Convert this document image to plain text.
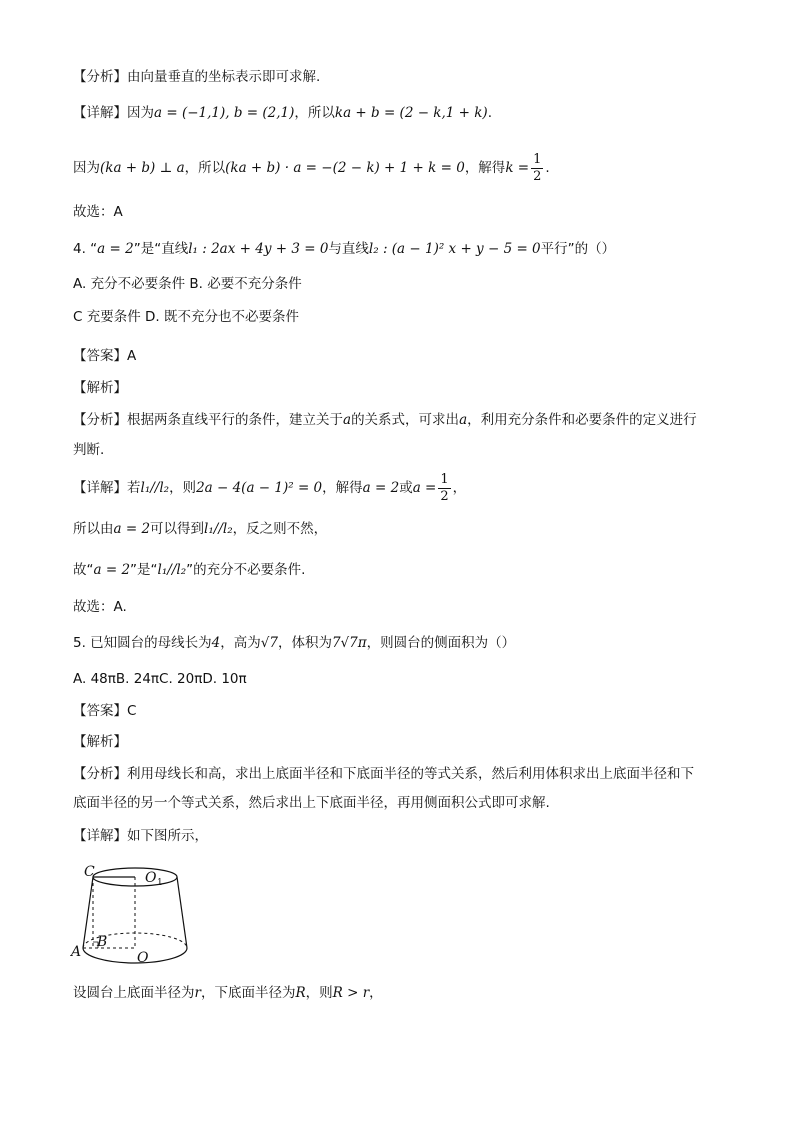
【分析】由向量垂直的坐标表示即可求解.
【详解】因为a = (−1,1), b = (2,1)，所以ka + b = (2 − k,1 + k).
因为(ka + b) ⊥ a，所以(ka + b) · a = −(2 − k) + 1 + k = 0，解得$k = \frac{1}{2}$ .
故选：A
4. “a = 2”是“直线l₁ : 2ax + 4y + 3 = 0与直线l₂ : (a − 1)² x + y − 5 = 0平行”的（）
A. 充分不必要条件 B. 必要不充分条件
C 充要条件 D. 既不充分也不必要条件
【答案】A
【解析】
【分析】根据两条直线平行的条件，建立关于a的关系式，可求出a，利用充分条件和必要条件的定义进行
判断.
【详解】若l₁//l₂，则2a − 4(a − 1)² = 0，解得a = 2或$a = \frac{1}{2}$ ，
所以由a = 2可以得到l₁//l₂，反之则不然，
故“a = 2”是“l₁//l₂”的充分不必要条件.
故选：A.
5. 已知圆台的母线长为4，高为√7，体积为7√7π，则圆台的侧面积为（）
A. 48πB. 24πC. 20πD. 10π
【答案】C
【解析】
【分析】利用母线长和高，求出上底面半径和下底面半径的等式关系，然后利用体积求出上底面半径和下
底面半径的另一个等式关系，然后求出上下底面半径，再用侧面积公式即可求解.
【详解】如下图所示，
C	O 1
A
B
O
设圆台上底面半径为r，下底面半径为R，则R > r，
